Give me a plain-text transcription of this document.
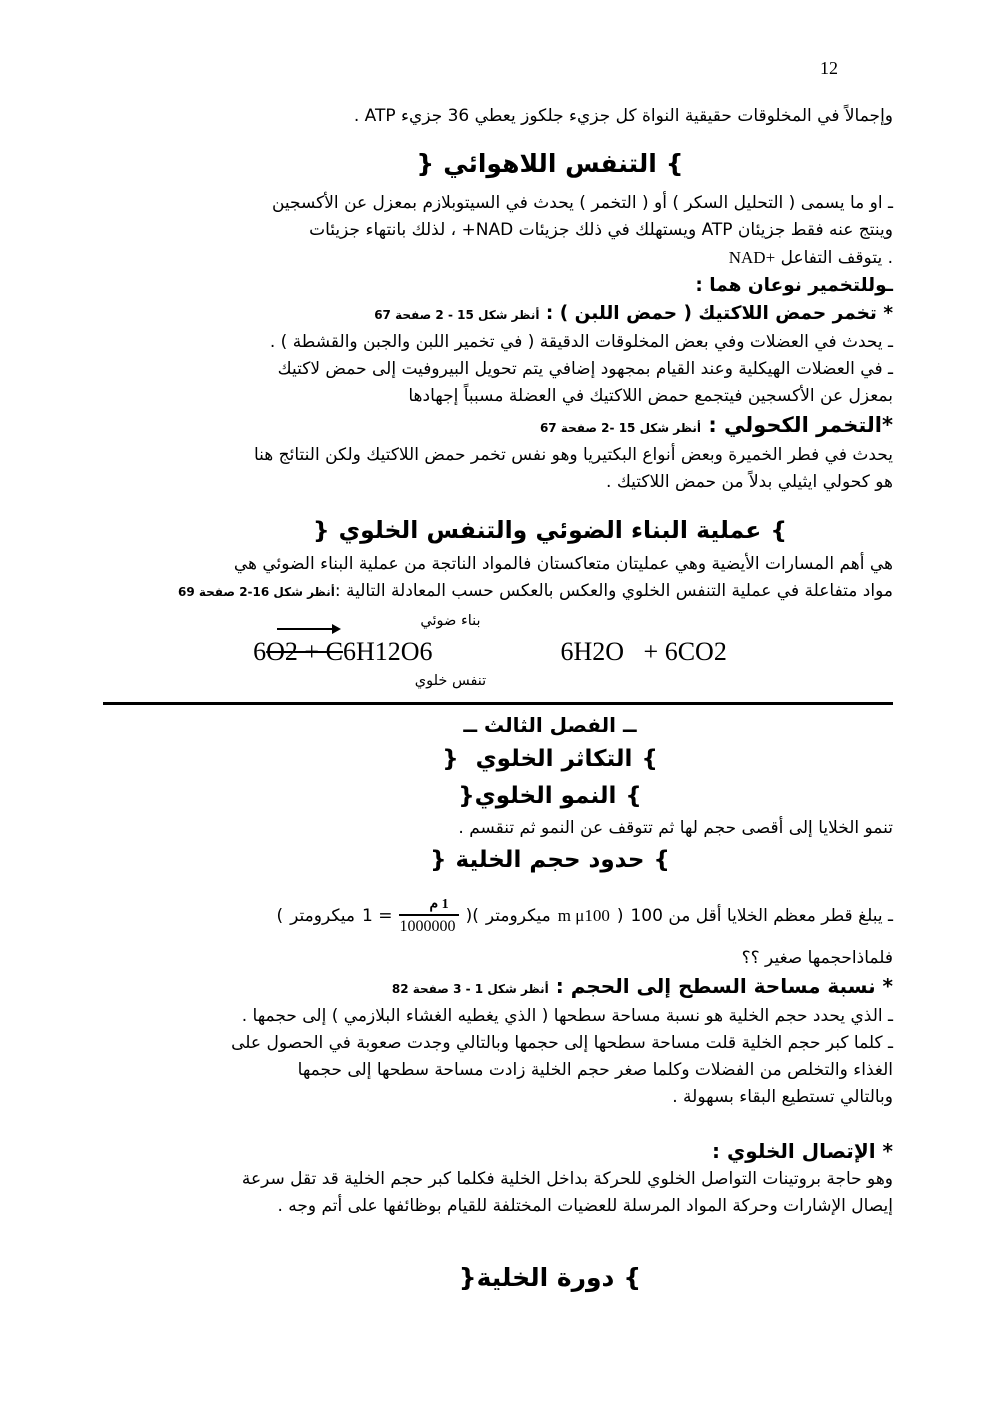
12
وإجمالاً في المخلوقات حقيقية النواة كل جزيء جلكوز يعطي 36 جزيء ATP .
} التنفس اللاهوائي {
ـ او ما يسمى ( التحليل السكر ) أو ( التخمر ) يحدث في السيتوبلازم بمعزل عن الأكسجين
وينتج عنه فقط جزيئان ATP ويستهلك في ذلك جزيئات NAD+ ، لذلك بانتهاء جزيئات
NAD+ يتوقف التفاعل .
ـوللتخمير نوعان هما :
* تخمر حمض اللاكتيك ( حمض اللبن ) : أنظر شكل 15 - 2 صفحة 67
ـ يحدث في العضلات وفي بعض المخلوقات الدقيقة ( في تخمير اللبن والجبن والقشطة ) .
ـ في العضلات الهيكلية وعند القيام بمجهود إضافي يتم تحويل البيروفيت إلى حمض لاكتيك
بمعزل عن الأكسجين فيتجمع حمض اللاكتيك في العضلة مسبباً إجهادها
*التخمر الكحولي : أنظر شكل 15 -2 صفحة 67
يحدث في فطر الخميرة وبعض أنواع البكتيريا وهو نفس تخمر حمض اللاكتيك ولكن النتائج هنا
هو كحولي ايثيلي بدلاً من حمض اللاكتيك .
} عملية البناء الضوئي والتنفس الخلوي {
هي أهم المسارات الأيضية وهي عمليتان متعاكستان فالمواد الناتجة من عملية البناء الضوئي هي
مواد متفاعلة في عملية التنفس الخلوي والعكس بالعكس حسب المعادلة التالية :أنظر شكل 16-2 صفحة 69
6O2 + C6H12O6
بناء ضوئي
تنفس خلوي
6H2O   + 6CO2
ــ الفصل الثالث ــ
} التكاثر الخلوي {
}النمو الخلوي {
تنمو الخلايا إلى أقصى حجم لها ثم تتوقف عن النمو ثم تنقسم .
} حدود حجم الخلية {
( ميكرومتر $1 = \frac{\text{1 م}}{1000000}$ )( ميكرومتر m μ100 ) ـ يبلغ قطر معظم الخلايا أقل من 100
فلماذاحجمها صغير ؟؟
* نسبة مساحة السطح إلى الحجم : أنظر شكل 1 - 3 صفحة 82
ـ الذي يحدد حجم الخلية هو نسبة مساحة سطحها ( الذي يغطيه الغشاء البلازمي ) إلى حجمها .
ـ كلما كبر حجم الخلية قلت مساحة سطحها إلى حجمها وبالتالي وجدت صعوبة في الحصول على
الغذاء والتخلص من الفضلات وكلما صغر حجم الخلية زادت مساحة سطحها إلى حجمها
وبالتالي تستطيع البقاء بسهولة .
* الإتصال الخلوي :
وهو حاجة بروتينات التواصل الخلوي للحركة بداخل الخلية فكلما كبر حجم الخلية قد تقل سرعة
إيصال الإشارات وحركة المواد المرسلة للعضيات المختلفة للقيام بوظائفها على أتم وجه .
}دورة الخلية {
